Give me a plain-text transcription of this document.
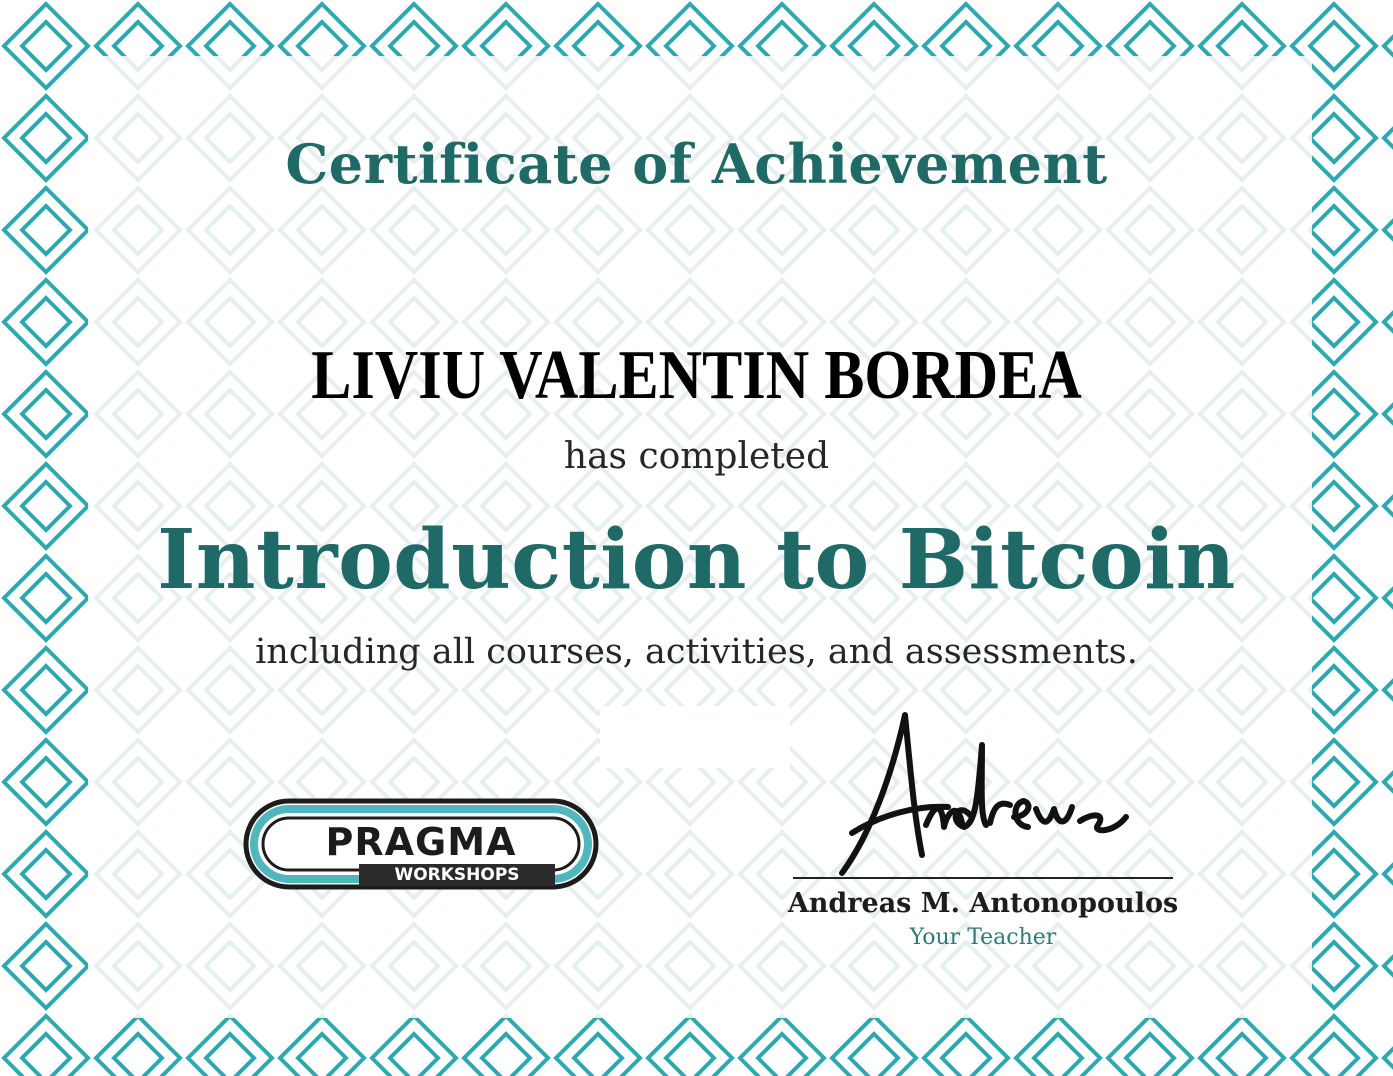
Certificate of Achievement
LIVIU VALENTIN BORDEA
has completed
Introduction to Bitcoin
including all courses, activities, and assessments.
PRAGMA
WORKSHOPS
Andreas M. Antonopoulos
Your Teacher
